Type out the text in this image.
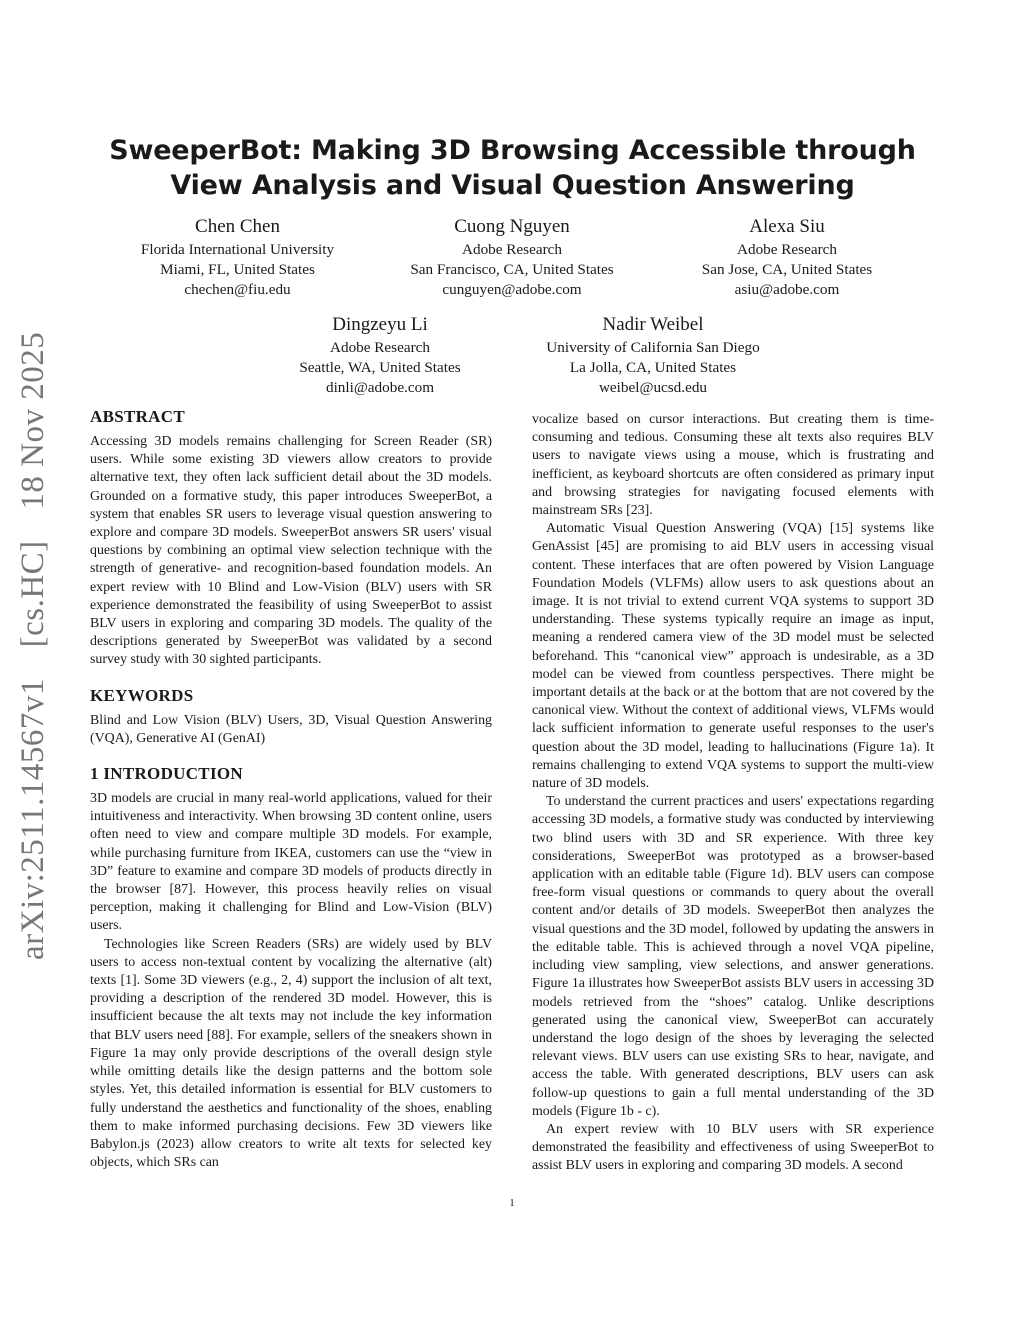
arXiv:2511.14567v1 [cs.HC] 18 Nov 2025
SweeperBot: Making 3D Browsing Accessible through View Analysis and Visual Question Answering
Chen Chen
Florida International University
Miami, FL, United States
chechen@fiu.edu
Cuong Nguyen
Adobe Research
San Francisco, CA, United States
cunguyen@adobe.com
Alexa Siu
Adobe Research
San Jose, CA, United States
asiu@adobe.com
Dingzeyu Li
Adobe Research
Seattle, WA, United States
dinli@adobe.com
Nadir Weibel
University of California San Diego
La Jolla, CA, United States
weibel@ucsd.edu
ABSTRACT

Accessing 3D models remains challenging for Screen Reader (SR) users. While some existing 3D viewers allow creators to provide alternative text, they often lack sufficient detail about the 3D models. Grounded on a formative study, this paper introduces SweeperBot, a system that enables SR users to leverage visual question answering to explore and compare 3D models. SweeperBot answers SR users' visual questions by combining an optimal view selection technique with the strength of generative- and recognition-based foundation models. An expert review with 10 Blind and Low-Vision (BLV) users with SR experience demonstrated the feasibility of using SweeperBot to assist BLV users in exploring and comparing 3D models. The quality of the descriptions generated by SweeperBot was validated by a second survey study with 30 sighted participants.

KEYWORDS

Blind and Low Vision (BLV) Users, 3D, Visual Question Answering (VQA), Generative AI (GenAI)

1 INTRODUCTION

3D models are crucial in many real-world applications, valued for their intuitiveness and interactivity. When browsing 3D content online, users often need to view and compare multiple 3D models. For example, while purchasing furniture from IKEA, customers can use the “view in 3D” feature to examine and compare 3D models of products directly in the browser [87]. However, this process heavily relies on visual perception, making it challenging for Blind and Low-Vision (BLV) users.

Technologies like Screen Readers (SRs) are widely used by BLV users to access non-textual content by vocalizing the alternative (alt) texts [1]. Some 3D viewers (e.g., 2, 4) support the inclusion of alt text, providing a description of the rendered 3D model. However, this is insufficient because the alt texts may not include the key information that BLV users need [88]. For example, sellers of the sneakers shown in Figure 1a may only provide descriptions of the overall design style while omitting details like the design patterns and the bottom sole styles. Yet, this detailed information is essential for BLV customers to fully understand the aesthetics and functionality of the shoes, enabling them to make informed purchasing decisions. Few 3D viewers like Babylon.js (2023) allow creators to write alt texts for selected key objects, which SRs can

vocalize based on cursor interactions. But creating them is time-consuming and tedious. Consuming these alt texts also requires BLV users to navigate views using a mouse, which is frustrating and inefficient, as keyboard shortcuts are often considered as primary input and browsing strategies for navigating focused elements with mainstream SRs [23].

Automatic Visual Question Answering (VQA) [15] systems like GenAssist [45] are promising to aid BLV users in accessing visual content. These interfaces that are often powered by Vision Language Foundation Models (VLFMs) allow users to ask questions about an image. It is not trivial to extend current VQA systems to support 3D understanding. These systems typically require an image as input, meaning a rendered camera view of the 3D model must be selected beforehand. This “canonical view” approach is undesirable, as a 3D model can be viewed from countless perspectives. There might be important details at the back or at the bottom that are not covered by the canonical view. Without the context of additional views, VLFMs would lack sufficient information to generate useful responses to the user's question about the 3D model, leading to hallucinations (Figure 1a). It remains challenging to extend VQA systems to support the multi-view nature of 3D models.

To understand the current practices and users' expectations regarding accessing 3D models, a formative study was conducted by interviewing two blind users with 3D and SR experience. With three key considerations, SweeperBot was prototyped as a browser-based application with an editable table (Figure 1d). BLV users can compose free-form visual questions or commands to query about the overall content and/or details of 3D models. SweeperBot then analyzes the visual questions and the 3D model, followed by updating the answers in the editable table. This is achieved through a novel VQA pipeline, including view sampling, view selections, and answer generations. Figure 1a illustrates how SweeperBot assists BLV users in accessing 3D models retrieved from the “shoes” catalog. Unlike descriptions generated using the canonical view, SweeperBot can accurately understand the logo design of the shoes by leveraging the selected relevant views. BLV users can use existing SRs to hear, navigate, and access the table. With generated descriptions, BLV users can ask follow-up questions to gain a full mental understanding of the 3D models (Figure 1b - c).

An expert review with 10 BLV users with SR experience demonstrated the feasibility and effectiveness of using SweeperBot to assist BLV users in exploring and comparing 3D models. A second

1
